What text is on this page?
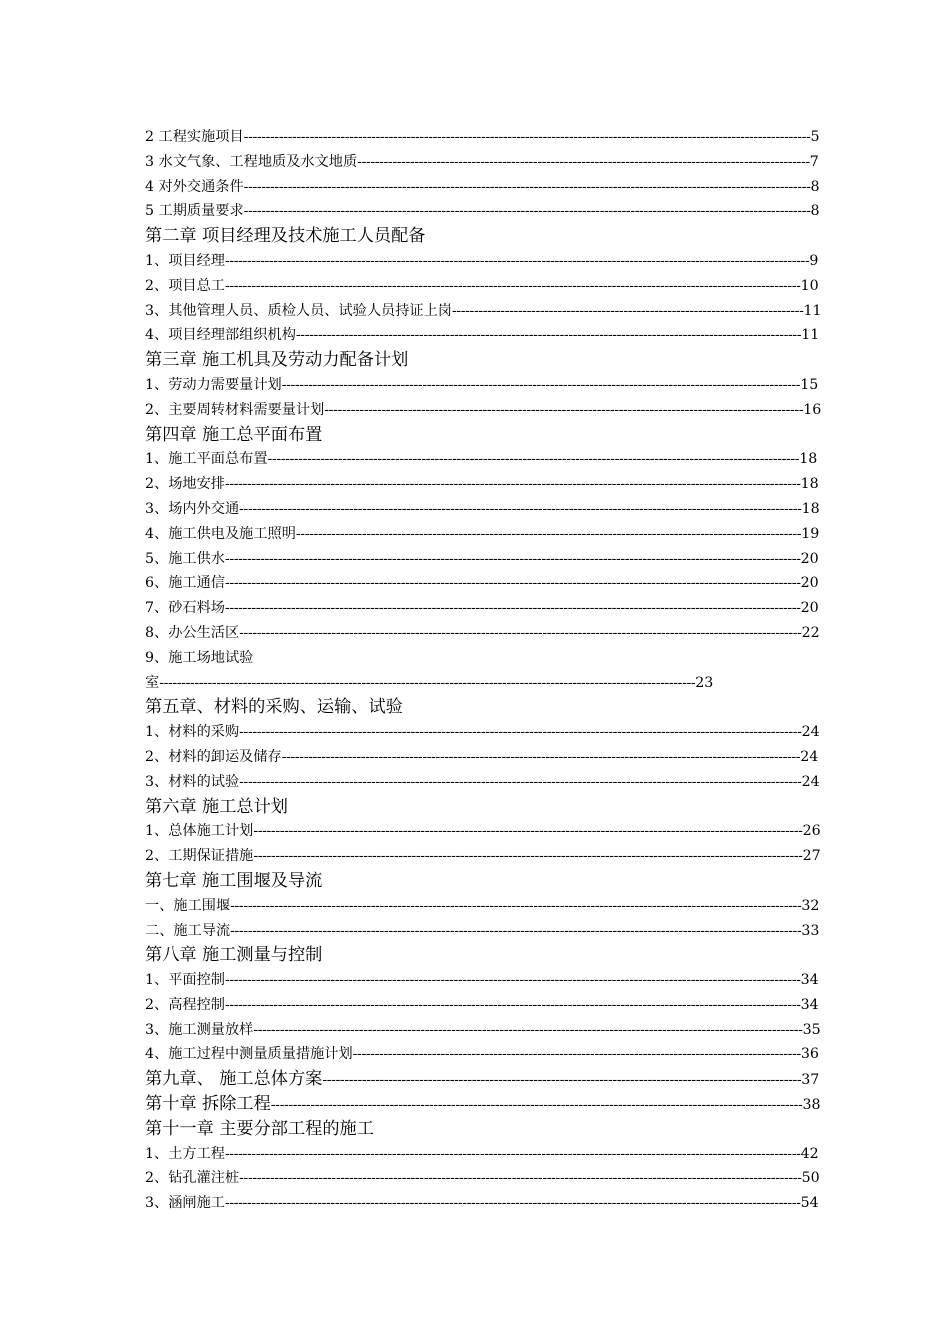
2 工程实施项目---------------------------------------------------------------------------------------------------------------------------------5
3 水文气象、工程地质及水文地质-------------------------------------------------------------------------------------------------------7
4 对外交通条件---------------------------------------------------------------------------------------------------------------------------------8
5 工期质量要求---------------------------------------------------------------------------------------------------------------------------------8
第二章 项目经理及技术施工人员配备
1、项目经理-------------------------------------------------------------------------------------------------------------------------------------9
2、项目总工-----------------------------------------------------------------------------------------------------------------------------------10
3、其他管理人员、质检人员、试验人员持证上岗--------------------------------------------------------------------------------11
4、项目经理部组织机构-------------------------------------------------------------------------------------------------------------------11
第三章 施工机具及劳动力配备计划
1、劳动力需要量计划----------------------------------------------------------------------------------------------------------------------15
2、主要周转材料需要量计划-------------------------------------------------------------------------------------------------------------16
第四章 施工总平面布置
1、施工平面总布置-------------------------------------------------------------------------------------------------------------------------18
2、场地安排-----------------------------------------------------------------------------------------------------------------------------------18
3、场内外交通--------------------------------------------------------------------------------------------------------------------------------18
4、施工供电及施工照明-------------------------------------------------------------------------------------------------------------------19
5、施工供水-----------------------------------------------------------------------------------------------------------------------------------20
6、施工通信-----------------------------------------------------------------------------------------------------------------------------------20
7、砂石料场-----------------------------------------------------------------------------------------------------------------------------------20
8、办公生活区--------------------------------------------------------------------------------------------------------------------------------22
9、施工场地试验
室--------------------------------------------------------------------------------------------------------------------------23
第五章、材料的采购、运输、试验
1、材料的采购--------------------------------------------------------------------------------------------------------------------------------24
2、材料的卸运及储存----------------------------------------------------------------------------------------------------------------------24
3、材料的试验--------------------------------------------------------------------------------------------------------------------------------24
第六章 施工总计划
1、总体施工计划-----------------------------------------------------------------------------------------------------------------------------26
2、工期保证措施-----------------------------------------------------------------------------------------------------------------------------27
第七章 施工围堰及导流
一、施工围堰----------------------------------------------------------------------------------------------------------------------------------32
二、施工导流----------------------------------------------------------------------------------------------------------------------------------33
第八章 施工测量与控制
1、平面控制-----------------------------------------------------------------------------------------------------------------------------------34
2、高程控制-----------------------------------------------------------------------------------------------------------------------------------34
3、施工测量放样-----------------------------------------------------------------------------------------------------------------------------35
4、施工过程中测量质量措施计划------------------------------------------------------------------------------------------------------36
第九章、 施工总体方案-------------------------------------------------------------------------------------------------------------37
第十章 拆除工程-------------------------------------------------------------------------------------------------------------------------38
第十一章 主要分部工程的施工
1、土方工程-----------------------------------------------------------------------------------------------------------------------------------42
2、钻孔灌注桩--------------------------------------------------------------------------------------------------------------------------------50
3、涵闸施工-----------------------------------------------------------------------------------------------------------------------------------54
